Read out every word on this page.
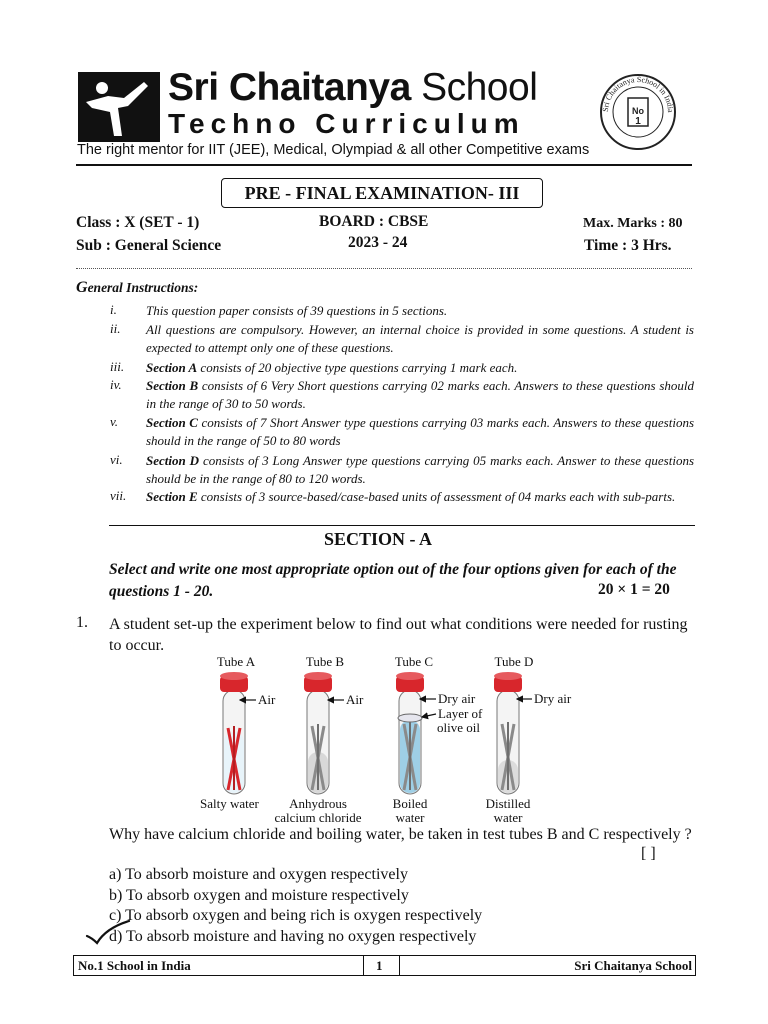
Sri Chaitanya School
Techno Curriculum	Sri Chaitanya School in India
No
1
The right mentor for IIT (JEE), Medical, Olympiad & all other Competitive exams
PRE - FINAL EXAMINATION- III
Class : X (SET - 1)
Sub : General Science
BOARD : CBSE
2023 - 24
Max. Marks : 80
Time : 3 Hrs.
General Instructions:
i. This question paper consists of 39 questions in 5 sections.
ii. All questions are compulsory. However, an internal choice is provided in some questions. A student is expected to attempt only one of these questions.
iii. Section A consists of 20 objective type questions carrying 1 mark each.
iv. Section B consists of 6 Very Short questions carrying 02 marks each. Answers to these questions should in the range of 30 to 50 words.
v. Section C consists of 7 Short Answer type questions carrying 03 marks each. Answers to these questions should in the range of 50 to 80 words
vi. Section D consists of 3 Long Answer type questions carrying 05 marks each. Answer to these questions should be in the range of 80 to 120 words.
vii. Section E consists of 3 source-based/case-based units of assessment of 04 marks each with sub-parts.
SECTION - A
Select and write one most appropriate option out of the four options given for each of the questions 1 - 20.	20 × 1 = 20
1. A student set-up the experiment below to find out what conditions were needed for rusting to occur.
Tube A
Air
Salty water
Tube B
Air
Anhydrous
calcium chloride
Tube C
Dry air
Layer of
olive oil
Boiled
water
Tube D
Dry air
Distilled
water
Why have calcium chloride and boiling water, be taken in test tubes B and C respectively ?
[ ]
a) To absorb moisture and oxygen respectively
b) To absorb oxygen and moisture respectively
c) To absorb oxygen and being rich is oxygen respectively
d) To absorb moisture and having no oxygen respectively
No.1 School in India	1	Sri Chaitanya School
